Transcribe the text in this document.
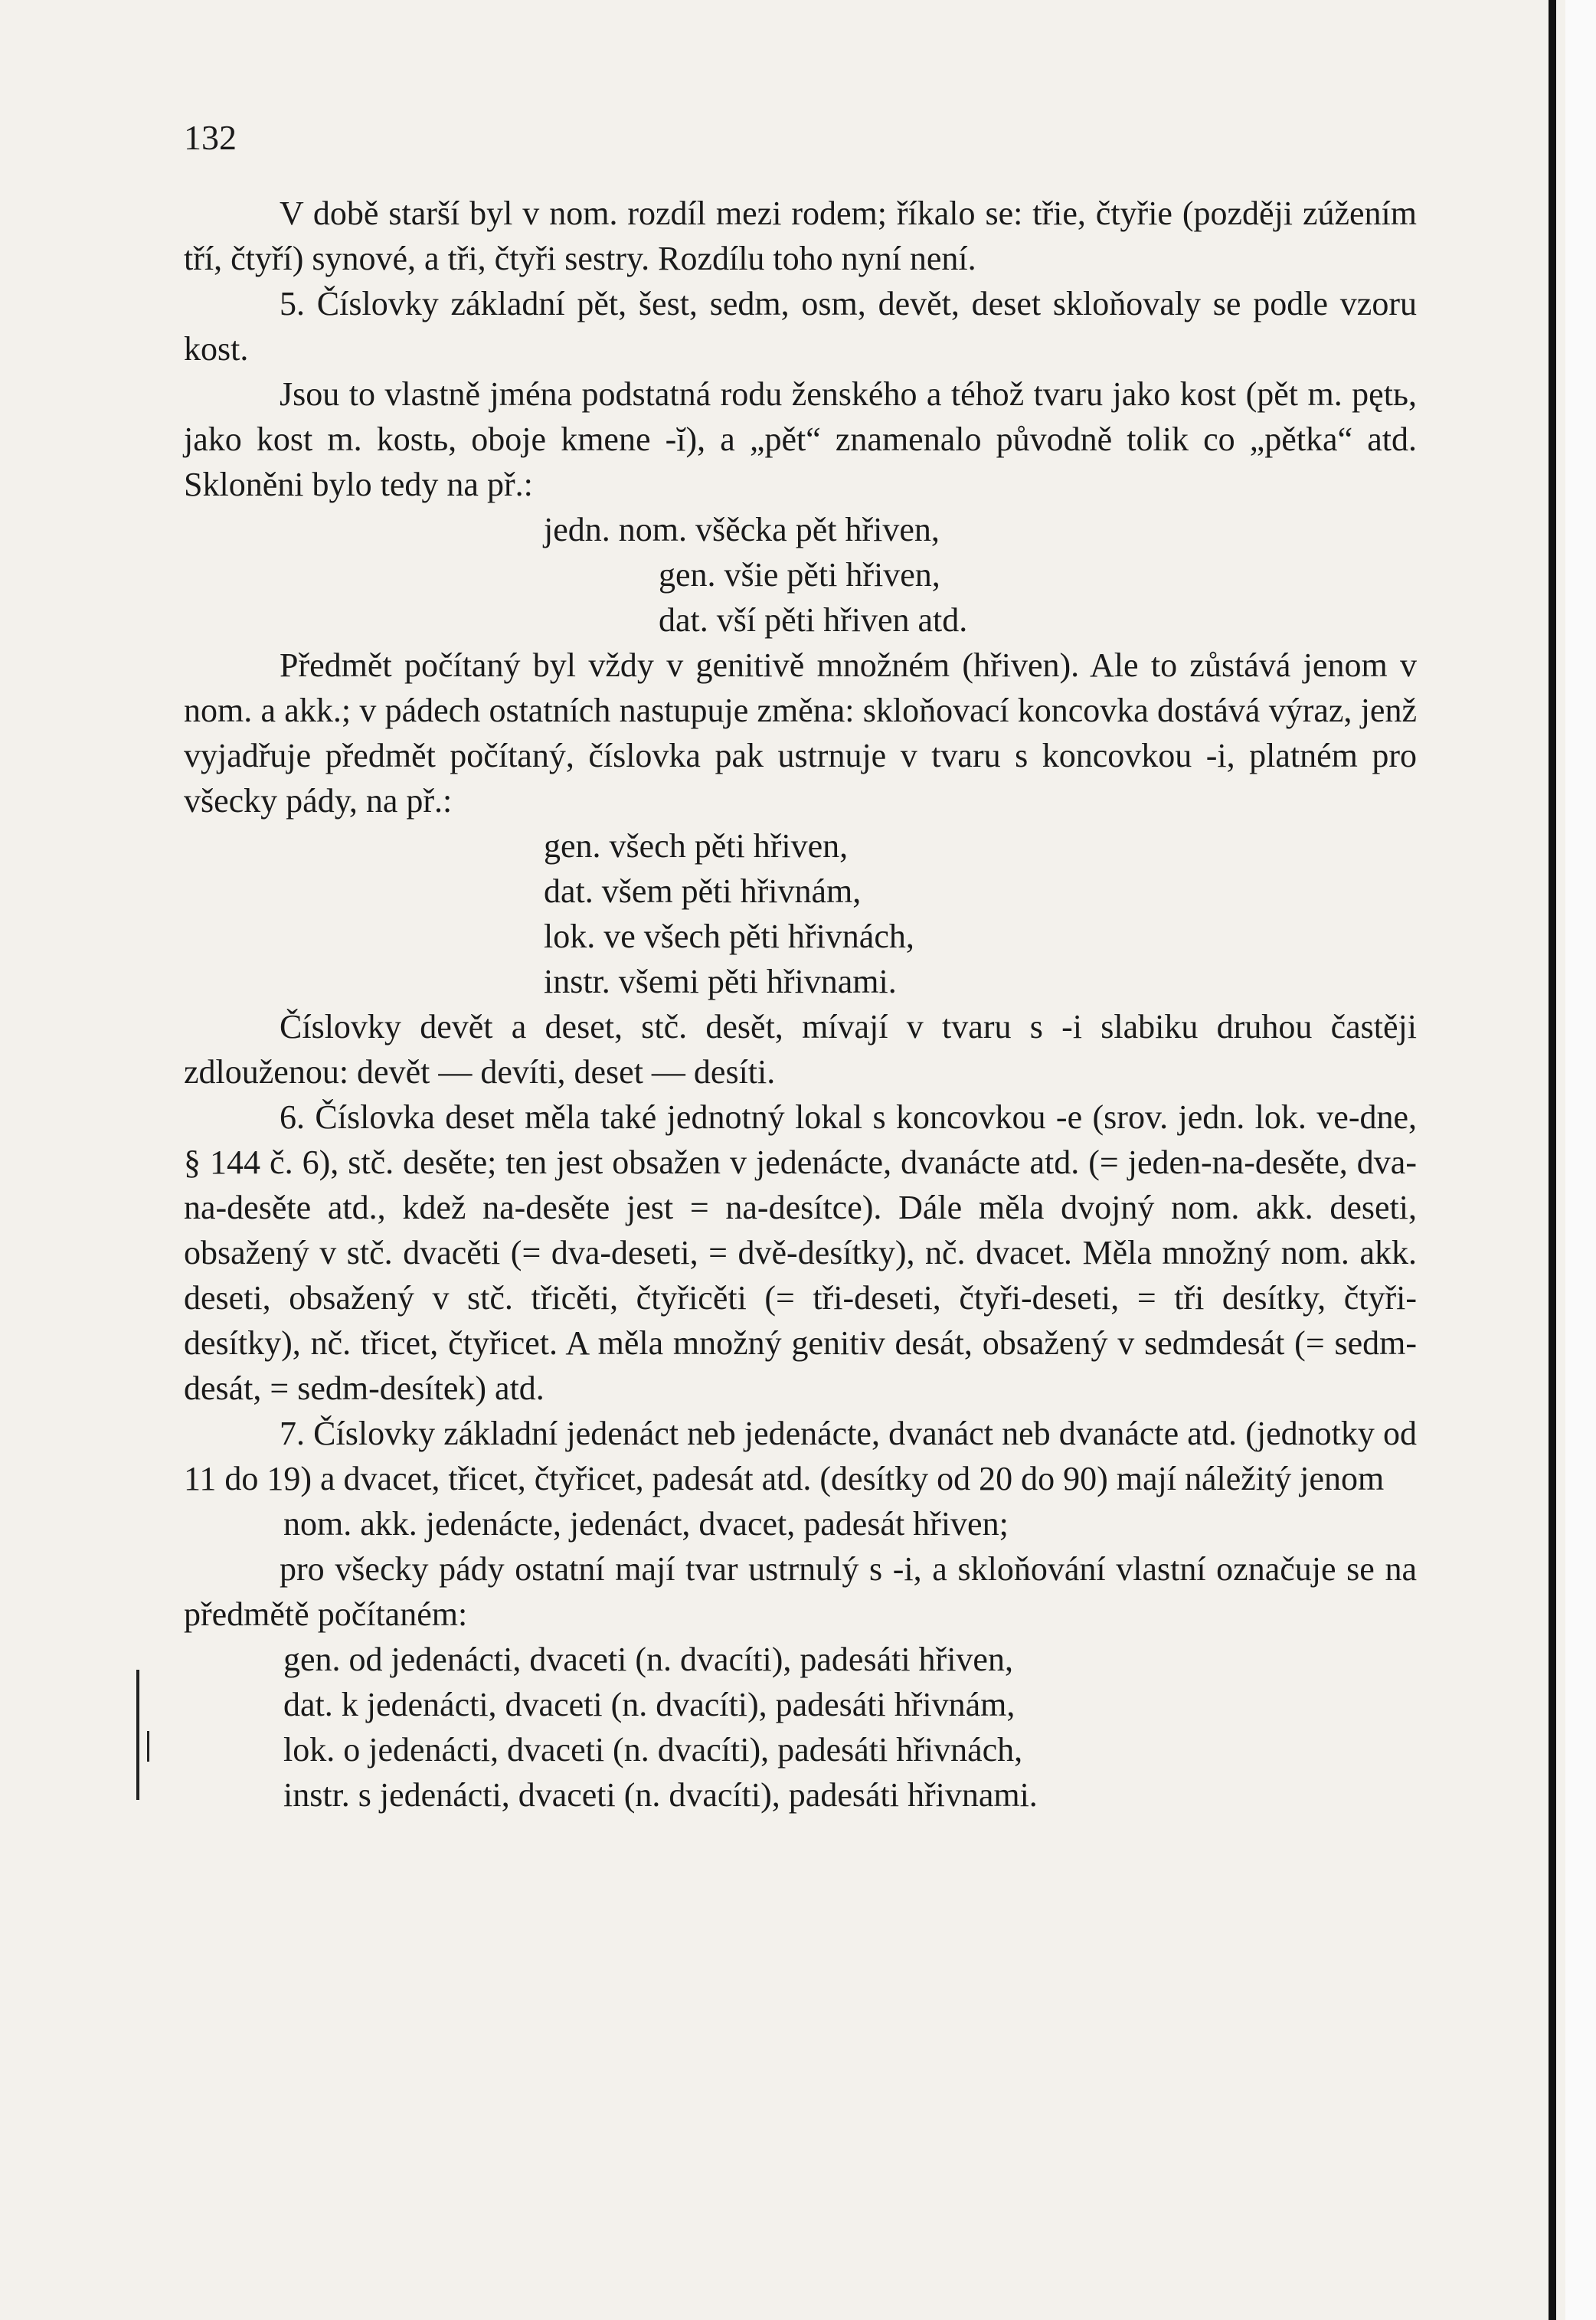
132

V době starší byl v nom. rozdíl mezi rodem; říkalo se: třie, čtyřie (později zúžením tří, čtyří) synové, a tři, čtyři sestry. Rozdílu toho nyní není.

5. Číslovky základní pět, šest, sedm, osm, devět, deset skloňovaly se podle vzoru kost.

Jsou to vlastně jména podstatná rodu ženského a téhož tvaru jako kost (pět m. pętь, jako kost m. kostь, oboje kmene -ĭ), a „pět“ znamenalo původně tolik co „pětka“ atd. Skloněni bylo tedy na př.:

jedn. nom. všěcka pět hřiven,

gen. všie pěti hřiven,

dat. vší pěti hřiven atd.

Předmět počítaný byl vždy v genitivě množném (hřiven). Ale to zůstává jenom v nom. a akk.; v pádech ostatních nastupuje změna: skloňovací koncovka dostává výraz, jenž vyjadřuje předmět počítaný, číslovka pak ustrnuje v tvaru s koncovkou -i, platném pro všecky pády, na př.:

gen. všech pěti hřiven,

dat. všem pěti hřivnám,

lok. ve všech pěti hřivnách,

instr. všemi pěti hřivnami.

Číslovky devět a deset, stč. desět, mívají v tvaru s -i slabiku druhou častěji zdlouženou: devět — devíti, deset — desíti.

6. Číslovka deset měla také jednotný lokal s koncovkou -e (srov. jedn. lok. ve-dne, § 144 č. 6), stč. desěte; ten jest obsažen v jedenácte, dvanácte atd. (= jeden-na-desěte, dva-na-desěte atd., kdež na-desěte jest = na-desítce). Dále měla dvojný nom. akk. deseti, obsažený v stč. dvacěti (= dva-deseti, = dvě-desítky), nč. dvacet. Měla množný nom. akk. deseti, obsažený v stč. třicěti, čtyřicěti (= tři-deseti, čtyři-deseti, = tři desítky, čtyři-desítky), nč. třicet, čtyřicet. A měla množný genitiv desát, obsažený v sedmdesát (= sedm-desát, = sedm-desítek) atd.

7. Číslovky základní jedenáct neb jedenácte, dvanáct neb dvanácte atd. (jednotky od 11 do 19) a dvacet, třicet, čtyřicet, padesát atd. (desítky od 20 do 90) mají náležitý jenom

nom. akk. jedenácte, jedenáct, dvacet, padesát hřiven;

pro všecky pády ostatní mají tvar ustrnulý s -i, a skloňování vlastní označuje se na předmětě počítaném:

gen. od jedenácti, dvaceti (n. dvacíti), padesáti hřiven,

dat. k jedenácti, dvaceti (n. dvacíti), padesáti hřivnám,

lok. o jedenácti, dvaceti (n. dvacíti), padesáti hřivnách,

instr. s jedenácti, dvaceti (n. dvacíti), padesáti hřivnami.
